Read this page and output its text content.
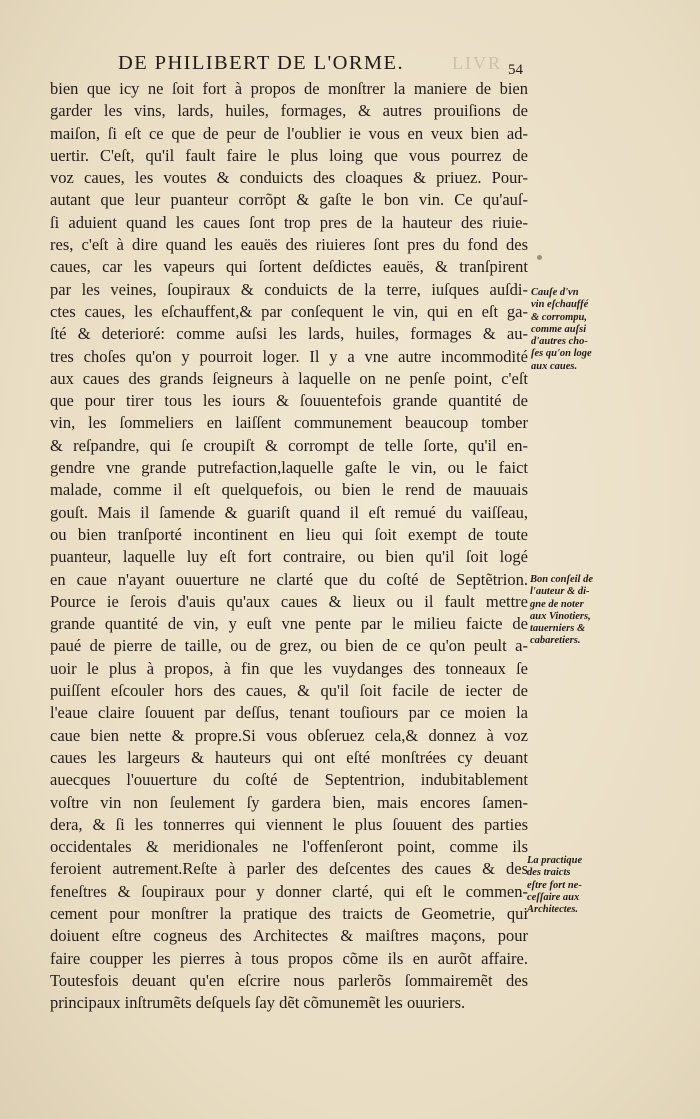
LIVR
DE PHILIBERT DE L'ORME.	54
bien que icy ne ſoit fort à propos de monſtrer la maniere de bien
garder les vins, lards, huiles, formages, & autres prouiſions de
maiſon, ſi eſt ce que de peur de l'oublier ie vous en veux bien ad-
uertir. C'eſt, qu'il fault faire le plus loing que vous pourrez de
voz caues, les voutes & conduicts des cloaques & priuez. Pour-
autant que leur puanteur corrõpt & gaſte le bon vin. Ce qu'auſ-
ſi aduient quand les caues ſont trop pres de la hauteur des riuie-
res, c'eſt à dire quand les eauës des riuieres ſont pres du fond des
caues, car les vapeurs qui ſortent deſdictes eauës, & tranſpirent
par les veines, ſoupiraux & conduicts de la terre, iuſques auſdi-
ctes caues, les eſchauffent,& par conſequent le vin, qui en eſt ga-
ſté & deterioré: comme auſsi les lards, huiles, formages & au-
tres choſes qu'on y pourroit loger. Il y a vne autre incommodité
aux caues des grands ſeigneurs à laquelle on ne penſe point, c'eſt
que pour tirer tous les iours & ſouuentefois grande quantité de
vin, les ſommeliers en laiſſent communement beaucoup tomber
& reſpandre, qui ſe croupiſt & corrompt de telle ſorte, qu'il en-
gendre vne grande putrefaction,laquelle gaſte le vin, ou le faict
malade, comme il eſt quelquefois, ou bien le rend de mauuais
gouſt. Mais il ſamende & guariſt quand il eſt remué du vaiſſeau,
ou bien tranſporté incontinent en lieu qui ſoit exempt de toute
puanteur, laquelle luy eſt fort contraire, ou bien qu'il ſoit logé
en caue n'ayant ouuerture ne clarté que du coſté de Septẽtrion.
Pource ie ſerois d'auis qu'aux caues & lieux ou il fault mettre
grande quantité de vin, y euſt vne pente par le milieu faicte de
paué de pierre de taille, ou de grez, ou bien de ce qu'on peult a-
uoir le plus à propos, à fin que les vuydanges des tonneaux ſe
puiſſent eſcouler hors des caues, & qu'il ſoit facile de iecter de
l'eaue claire ſouuent par deſſus, tenant touſiours par ce moien la
caue bien nette & propre.Si vous obſeruez cela,& donnez à voz
caues les largeurs & hauteurs qui ont eſté monſtrées cy deuant
auecques l'ouuerture du coſté de Septentrion, indubitablement
voſtre vin non ſeulement ſy gardera bien, mais encores ſamen-
dera, & ſi les tonnerres qui viennent le plus ſouuent des parties
occidentales & meridionales ne l'offenſeront point, comme ils
feroient autrement.Reſte à parler des deſcentes des caues & des
feneſtres & ſoupiraux pour y donner clarté, qui eſt le commen-
cement pour monſtrer la pratique des traicts de Geometrie, qui
doiuent eſtre cogneus des Architectes & maiſtres maçons, pour
faire coupper les pierres à tous propos cõme ils en aurõt affaire.
Toutesfois deuant qu'en eſcrire nous parlerõs ſommairemẽt des
principaux inſtrumẽts deſquels ſay dẽt cõmunemẽt les ouuriers.
Cauſe d'vn
vin eſchauffé
& corrompu,
comme auſsi
d'autres cho-
ſes qu'on loge
aux caues.
Bon conſeil de
l'auteur & di-
gne de noter
aux Vinotiers,
tauerniers &
cabaretiers.
La practique
des traicts
eſtre fort ne-
ceſſaire aux
Architectes.
